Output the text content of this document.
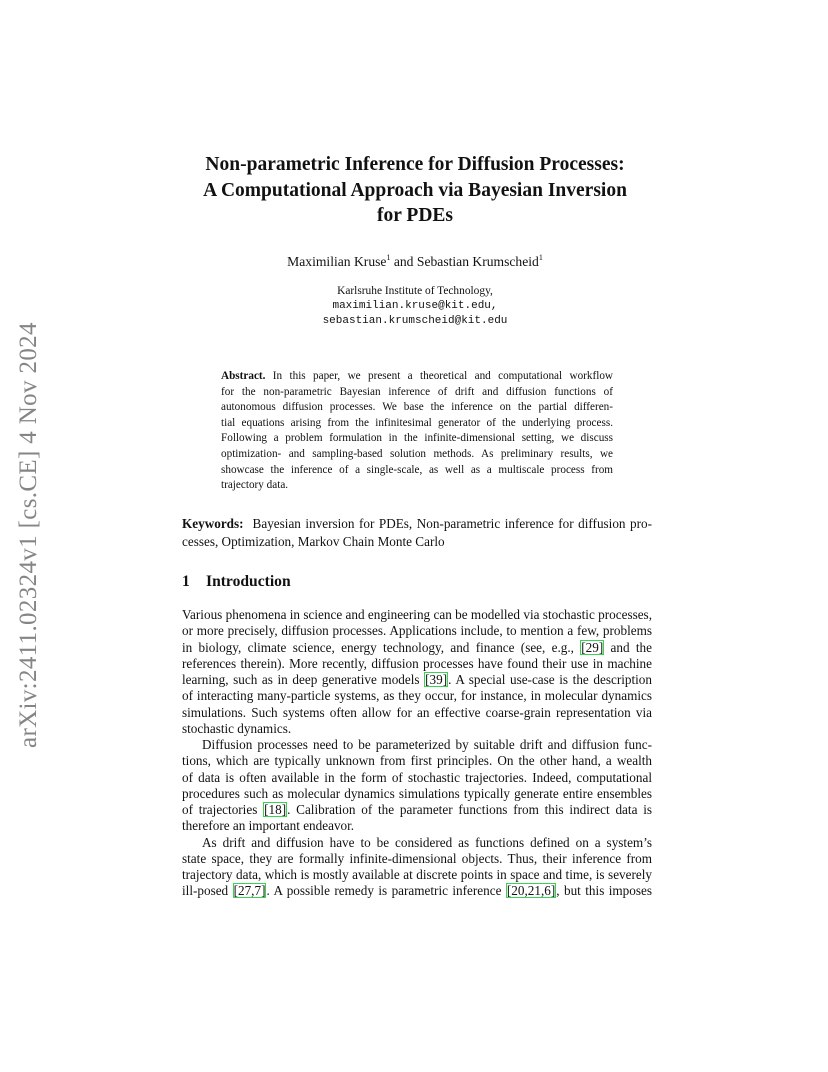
arXiv:2411.02324v1 [cs.CE] 4 Nov 2024
Non-parametric Inference for Diffusion Processes:
A Computational Approach via Bayesian Inversion
for PDEs
Maximilian Kruse$^1$ and Sebastian Krumscheid$^1$
Karlsruhe Institute of Technology,
maximilian.kruse@kit.edu,
sebastian.krumscheid@kit.edu
Abstract. In this paper, we present a theoretical and computational workflow
for the non-parametric Bayesian inference of drift and diffusion functions of
autonomous diffusion processes. We base the inference on the partial differen-
tial equations arising from the infinitesimal generator of the underlying process.
Following a problem formulation in the infinite-dimensional setting, we discuss
optimization- and sampling-based solution methods. As preliminary results, we
showcase the inference of a single-scale, as well as a multiscale process from
trajectory data.
Keywords:  Bayesian inversion for PDEs, Non-parametric inference for diffusion pro-
cesses, Optimization, Markov Chain Monte Carlo
1 Introduction
Various phenomena in science and engineering can be modelled via stochastic processes,
or more precisely, diffusion processes. Applications include, to mention a few, problems
in biology, climate science, energy technology, and finance (see, e.g., [29] and the
references therein). More recently, diffusion processes have found their use in machine
learning, such as in deep generative models [39]. A special use-case is the description
of interacting many-particle systems, as they occur, for instance, in molecular dynamics
simulations. Such systems often allow for an effective coarse-grain representation via
stochastic dynamics.
Diffusion processes need to be parameterized by suitable drift and diffusion func-
tions, which are typically unknown from first principles. On the other hand, a wealth
of data is often available in the form of stochastic trajectories. Indeed, computational
procedures such as molecular dynamics simulations typically generate entire ensembles
of trajectories [18]. Calibration of the parameter functions from this indirect data is
therefore an important endeavor.
As drift and diffusion have to be considered as functions defined on a system’s
state space, they are formally infinite-dimensional objects. Thus, their inference from
trajectory data, which is mostly available at discrete points in space and time, is severely
ill-posed [27,7]. A possible remedy is parametric inference [20,21,6], but this imposes
